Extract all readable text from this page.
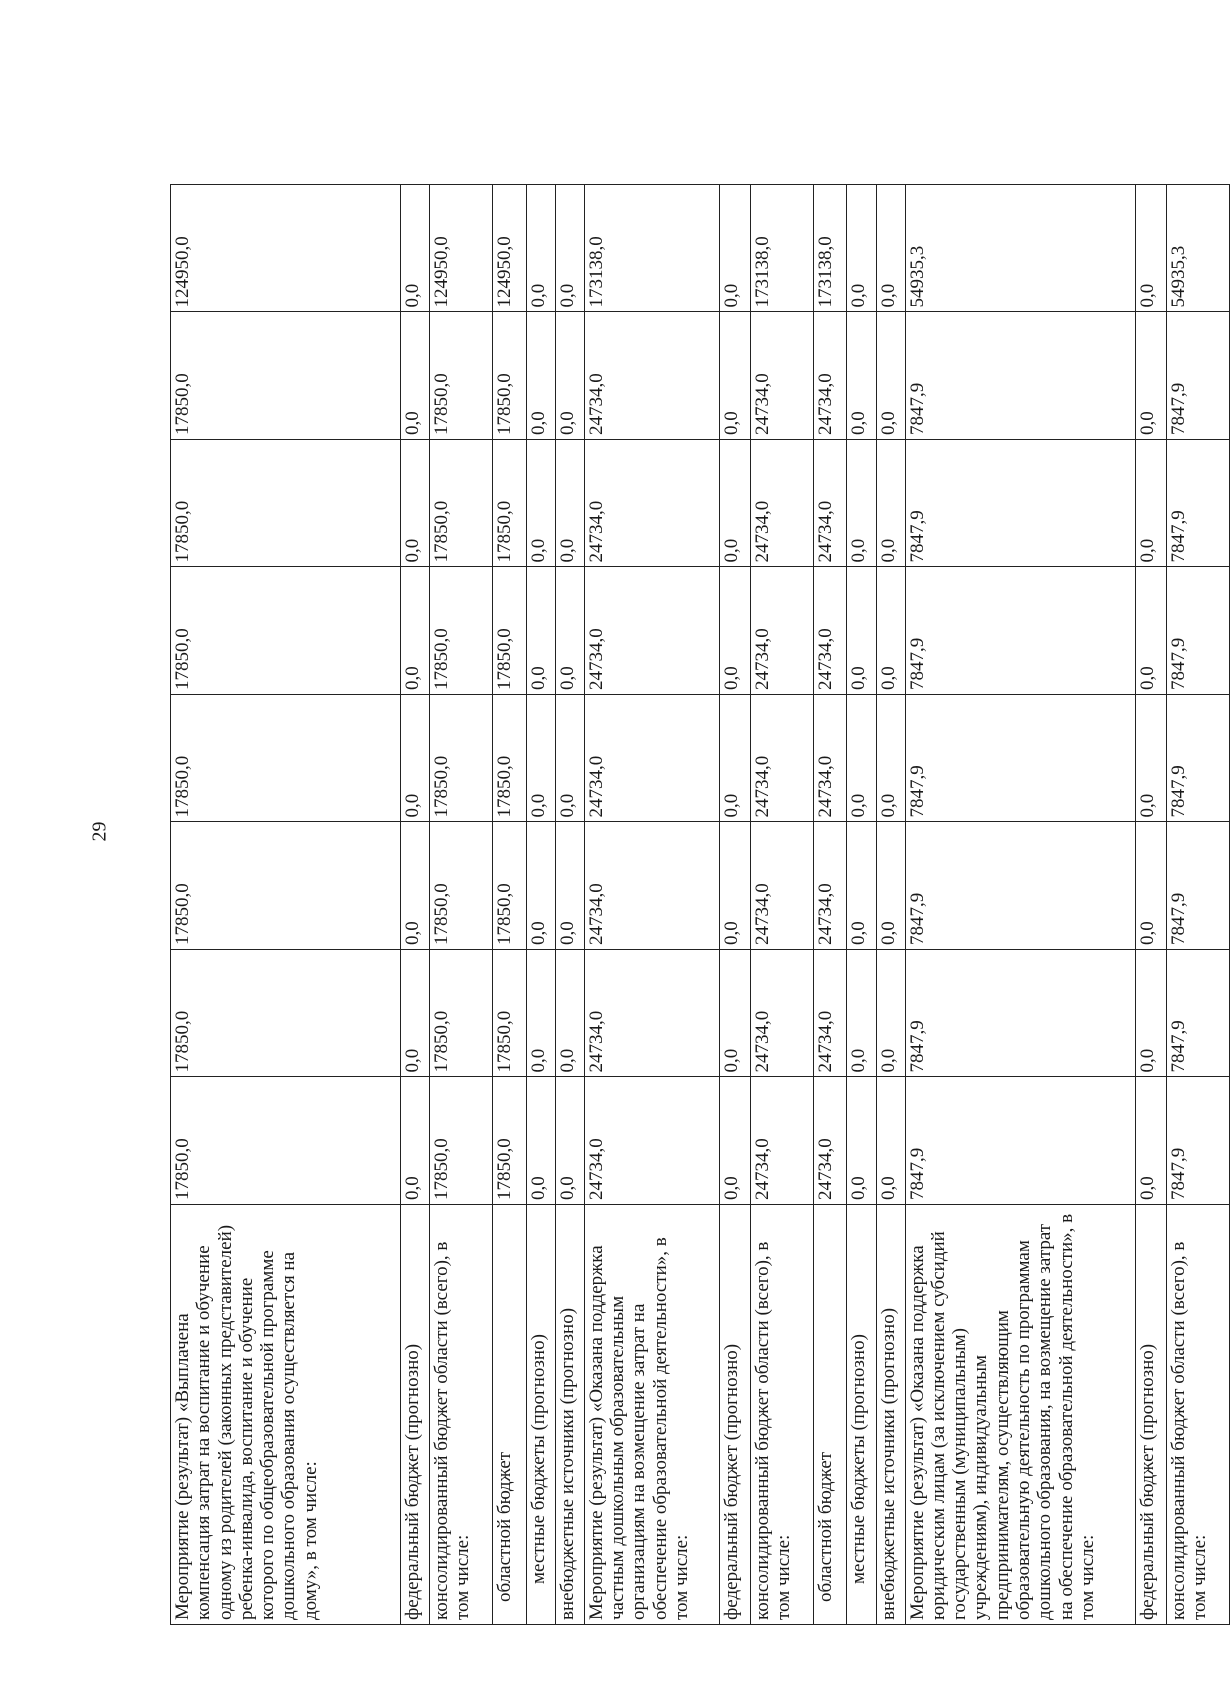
29
Мероприятие (результат) «Выплачена компенсация затрат на воспитание и обучение одному из родителей (законных представителей) ребенка-инвалида, воспитание и обучение которого по общеобразовательной программе дошкольного образования осуществляется на дому», в том числе:	17850,0	17850,0	17850,0	17850,0	17850,0	17850,0	17850,0	124950,0
федеральный бюджет (прогнозно)	0,0	0,0	0,0	0,0	0,0	0,0	0,0	0,0
консолидированный бюджет области (всего), в том числе:	17850,0	17850,0	17850,0	17850,0	17850,0	17850,0	17850,0	124950,0
областной бюджет	17850,0	17850,0	17850,0	17850,0	17850,0	17850,0	17850,0	124950,0
местные бюджеты (прогнозно)	0,0	0,0	0,0	0,0	0,0	0,0	0,0	0,0
внебюджетные источники (прогнозно)	0,0	0,0	0,0	0,0	0,0	0,0	0,0	0,0
Мероприятие (результат) «Оказана поддержка частным дошкольным образовательным организациям на возмещение затрат на обеспечение образовательной деятельности», в том числе:	24734,0	24734,0	24734,0	24734,0	24734,0	24734,0	24734,0	173138,0
федеральный бюджет (прогнозно)	0,0	0,0	0,0	0,0	0,0	0,0	0,0	0,0
консолидированный бюджет области (всего), в том числе:	24734,0	24734,0	24734,0	24734,0	24734,0	24734,0	24734,0	173138,0
областной бюджет	24734,0	24734,0	24734,0	24734,0	24734,0	24734,0	24734,0	173138,0
местные бюджеты (прогнозно)	0,0	0,0	0,0	0,0	0,0	0,0	0,0	0,0
внебюджетные источники (прогнозно)	0,0	0,0	0,0	0,0	0,0	0,0	0,0	0,0
Мероприятие (результат) «Оказана поддержка юридическим лицам (за исключением субсидий государственным (муниципальным) учреждениям), индивидуальным предпринимателям, осуществляющим образовательную деятельность по программам дошкольного образования, на возмещение затрат на обеспечение образовательной деятельности», в том числе:	7847,9	7847,9	7847,9	7847,9	7847,9	7847,9	7847,9	54935,3
федеральный бюджет (прогнозно)	0,0	0,0	0,0	0,0	0,0	0,0	0,0	0,0
консолидированный бюджет области (всего), в том числе:	7847,9	7847,9	7847,9	7847,9	7847,9	7847,9	7847,9	54935,3
